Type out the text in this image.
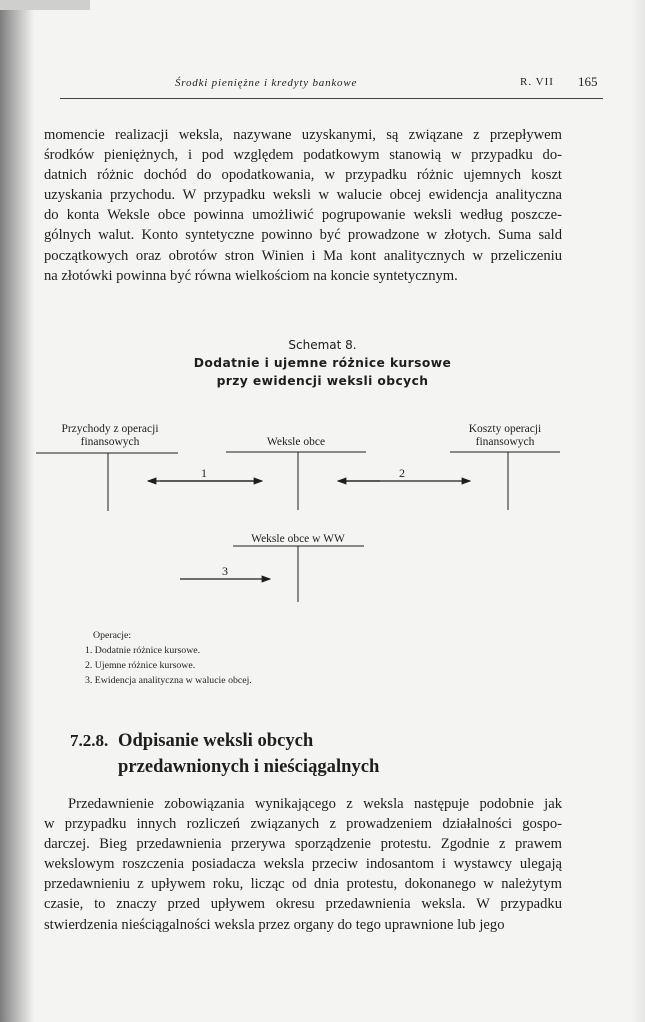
Środki pieniężne i kredyty bankowe	R. VII 165

momencie realizacji weksla, nazywane uzyskanymi, są związane z przepływem

środków pieniężnych, i pod względem podatkowym stanowią w przypadku do-

datnich różnic dochód do opodatkowania, w przypadku różnic ujemnych koszt

uzyskania przychodu. W przypadku weksli w walucie obcej ewidencja analityczna

do konta Weksle obce powinna umożliwić pogrupowanie weksli według poszcze-

gólnych walut. Konto syntetyczne powinno być prowadzone w złotych. Suma sald

początkowych oraz obrotów stron Winien i Ma kont analitycznych w przeliczeniu

na złotówki powinna być równa wielkościom na koncie syntetycznym.

Schemat 8.
Dodatnie i ujemne różnice kursowe
przy ewidencji weksli obcych
Przychody z operacji
finansowych	Weksle obce
Koszty operacji
finansowych
Weksle obce w WW
1	2
3
Operacje:
1. Dodatnie różnice kursowe.
2. Ujemne różnice kursowe.
3. Ewidencja analityczna w walucie obcej.
7.2.8. Odpisanie weksli obcych
przedawnionych i nieściągalnych

Przedawnienie zobowiązania wynikającego z weksla następuje podobnie jak

w przypadku innych rozliczeń związanych z prowadzeniem działalności gospo-

darczej. Bieg przedawnienia przerywa sporządzenie protestu. Zgodnie z prawem

wekslowym roszczenia posiadacza weksla przeciw indosantom i wystawcy ulegają

przedawnieniu z upływem roku, licząc od dnia protestu, dokonanego w należytym

czasie, to znaczy przed upływem okresu przedawnienia weksla. W przypadku

stwierdzenia nieściągalności weksla przez organy do tego uprawnione lub jego
